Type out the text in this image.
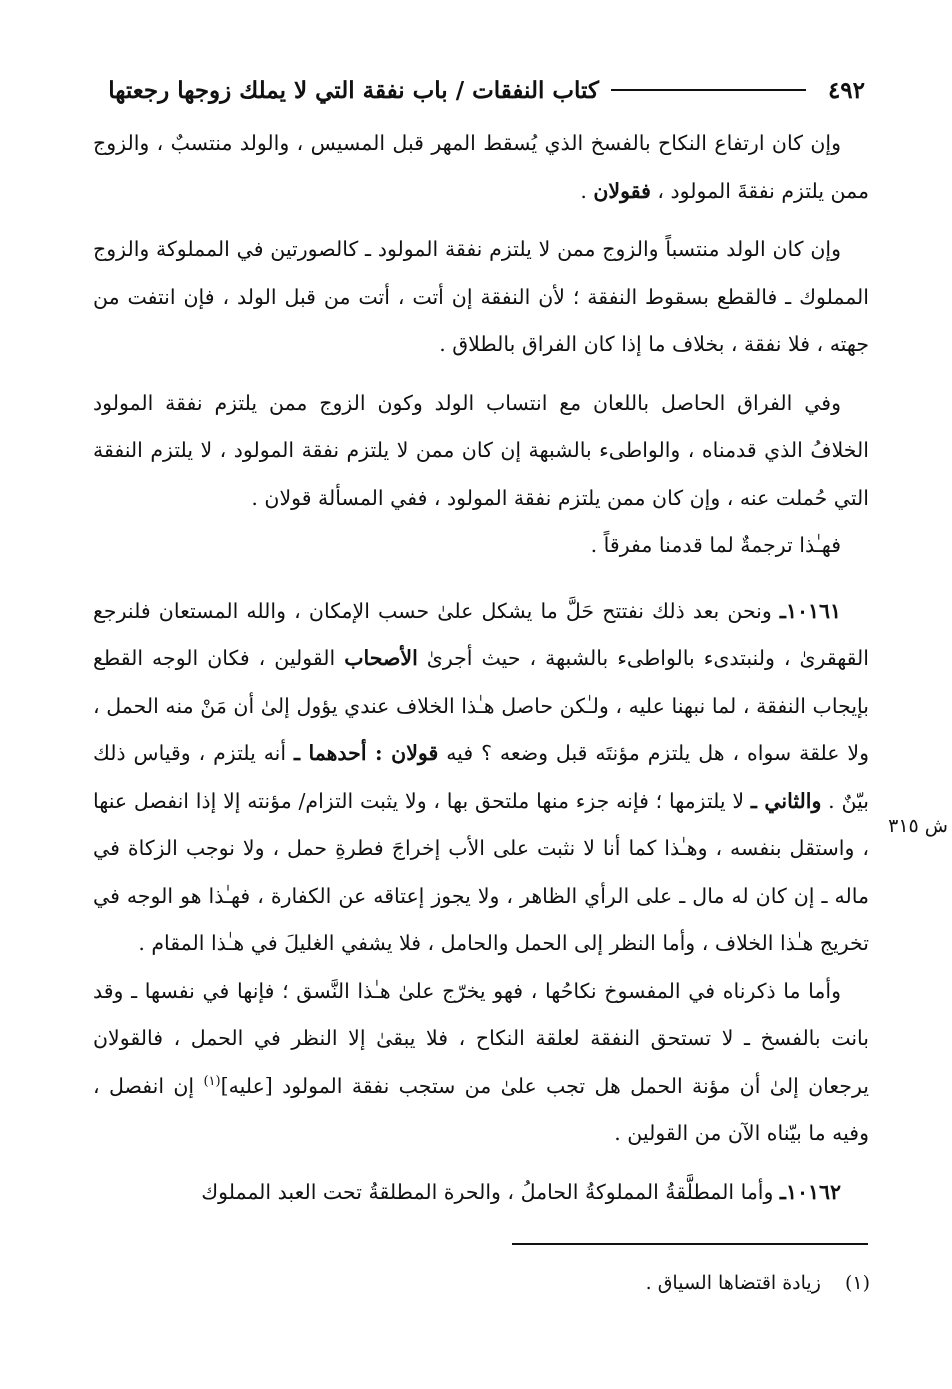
٤٩٢
كتاب النفقات / باب نفقة التي لا يملك زوجها رجعتها

وإن كان ارتفاع النكاح بالفسخ الذي يُسقط المهر قبل المسيس ، والولد منتسبٌ ، والزوج ممن يلتزم نفقةَ المولود ، فقولان .

وإن كان الولد منتسباً والزوج ممن لا يلتزم نفقة المولود ـ كالصورتين في المملوكة والزوج المملوك ـ فالقطع بسقوط النفقة ؛ لأن النفقة إن أتت ، أتت من قبل الولد ، فإن انتفت من جهته ، فلا نفقة ، بخلاف ما إذا كان الفراق بالطلاق .

وفي الفراق الحاصل باللعان مع انتساب الولد وكون الزوج ممن يلتزم نفقة المولود الخلافُ الذي قدمناه ، والواطىء بالشبهة إن كان ممن لا يلتزم نفقة المولود ، لا يلتزم النفقة التي حُملت عنه ، وإن كان ممن يلتزم نفقة المولود ، ففي المسألة قولان .

فهـٰذا ترجمةٌ لما قدمنا مفرقاً .

١٠١٦١ـ ونحن بعد ذلك نفتتح حَلَّ ما يشكل علىٰ حسب الإمكان ، والله المستعان فلنرجع القهقرىٰ ، ولنبتدىء بالواطىء بالشبهة ، حيث أجرىٰ الأصحاب القولين ، فكان الوجه القطع بإيجاب النفقة ، لما نبهنا عليه ، ولـٰكن حاصل هـٰذا الخلاف عندي يؤول إلىٰ أن مَنْ منه الحمل ، ولا علقة سواه ، هل يلتزم مؤنتَه قبل وضعه ؟ فيه قولان : أحدهما ـ أنه يلتزم ، وقياس ذلك بيّنٌ . والثاني ـ لا يلتزمها ؛ فإنه جزء منها ملتحق بها ، ولا يثبت التزام/ مؤنته إلا إذا انفصل عنها ، واستقل بنفسه ، وهـٰذا كما أنا لا نثبت على الأب إخراجَ فطرةِ حمل ، ولا نوجب الزكاة في ماله ـ إن كان له مال ـ على الرأي الظاهر ، ولا يجوز إعتاقه عن الكفارة ، فهـٰذا هو الوجه في تخريج هـٰذا الخلاف ، وأما النظر إلى الحمل والحامل ، فلا يشفي الغليلَ في هـٰذا المقام .

وأما ما ذكرناه في المفسوخ نكاحُها ، فهو يخرّج علىٰ هـٰذا النَّسق ؛ فإنها في نفسها ـ وقد بانت بالفسخ ـ لا تستحق النفقة لعلقة النكاح ، فلا يبقىٰ إلا النظر في الحمل ، فالقولان يرجعان إلىٰ أن مؤنة الحمل هل تجب علىٰ من ستجب نفقة المولود [عليه]$^{(١)}$ إن انفصل ، وفيه ما بيّناه الآن من القولين .

١٠١٦٢ـ وأما المطلَّقةُ المملوكةُ الحاملُ ، والحرة المطلقةُ تحت العبد المملوك

ش ٣١٥
(١) زيادة اقتضاها السياق .
